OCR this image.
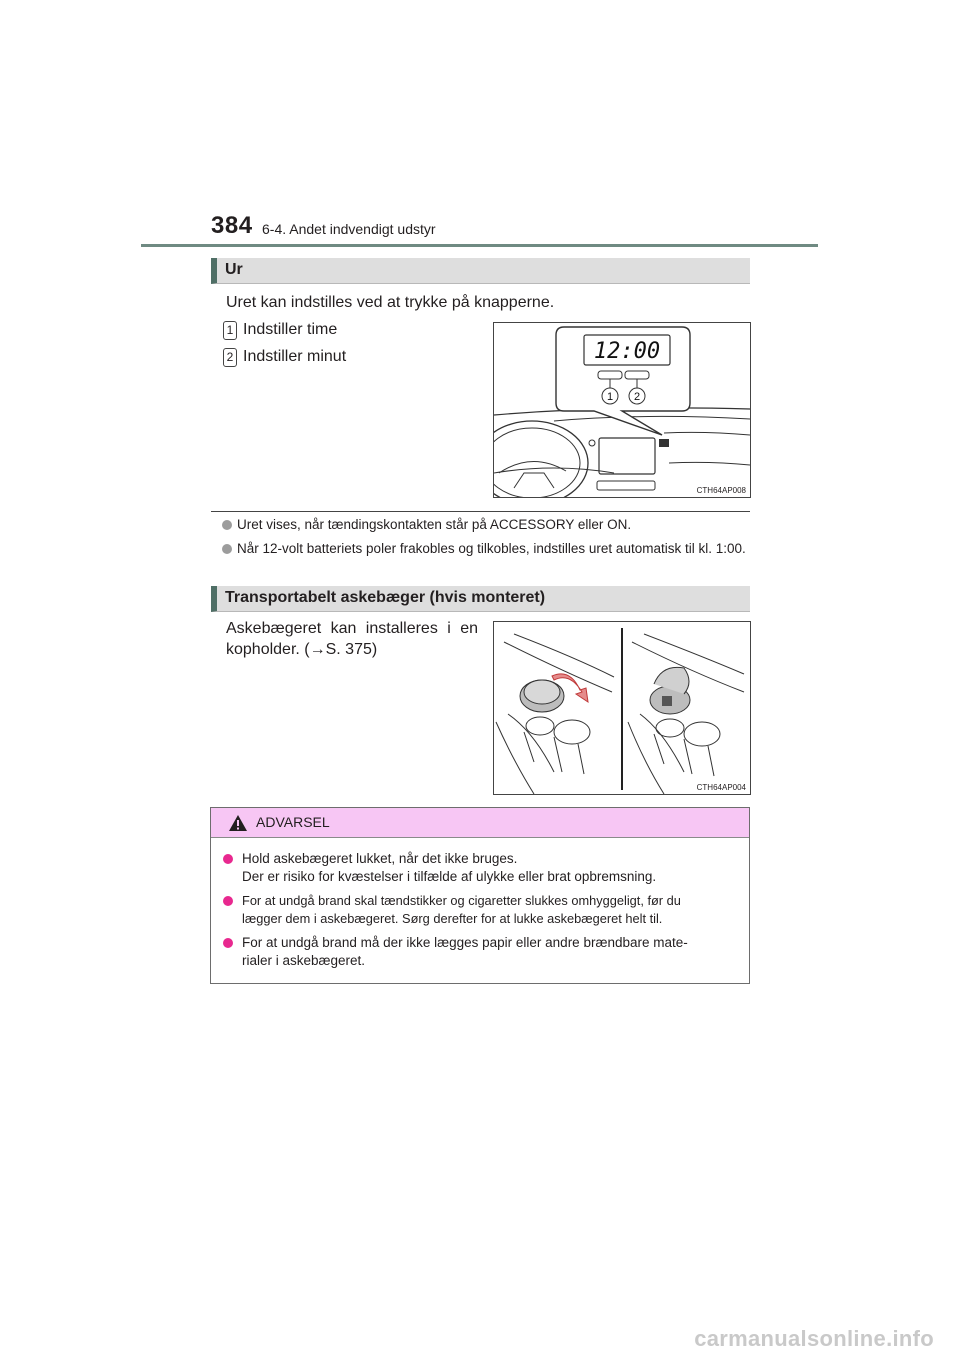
384 6-4. Andet indvendigt udstyr
Ur
Uret kan indstilles ved at trykke på knapperne.
1 Indstiller time
2 Indstiller minut	12:00
1 2
CTH64AP008
Uret vises, når tændingskontakten står på ACCESSORY eller ON.
Når 12-volt batteriets poler frakobles og tilkobles, indstilles uret automatisk til kl. 1:00.
Transportabelt askebæger (hvis monteret)
Askebægeret kan installeres i en
kopholder. (→S. 375)
CTH64AP004
ADVARSEL
Hold askebægeret lukket, når det ikke bruges.
Der er risiko for kvæstelser i tilfælde af ulykke eller brat opbremsning.
For at undgå brand skal tændstikker og cigaretter slukkes omhyggeligt, før du
lægger dem i askebægeret. Sørg derefter for at lukke askebægeret helt til.
For at undgå brand må der ikke lægges papir eller andre brændbare mate-
rialer i askebægeret.
carmanualsonline.info
